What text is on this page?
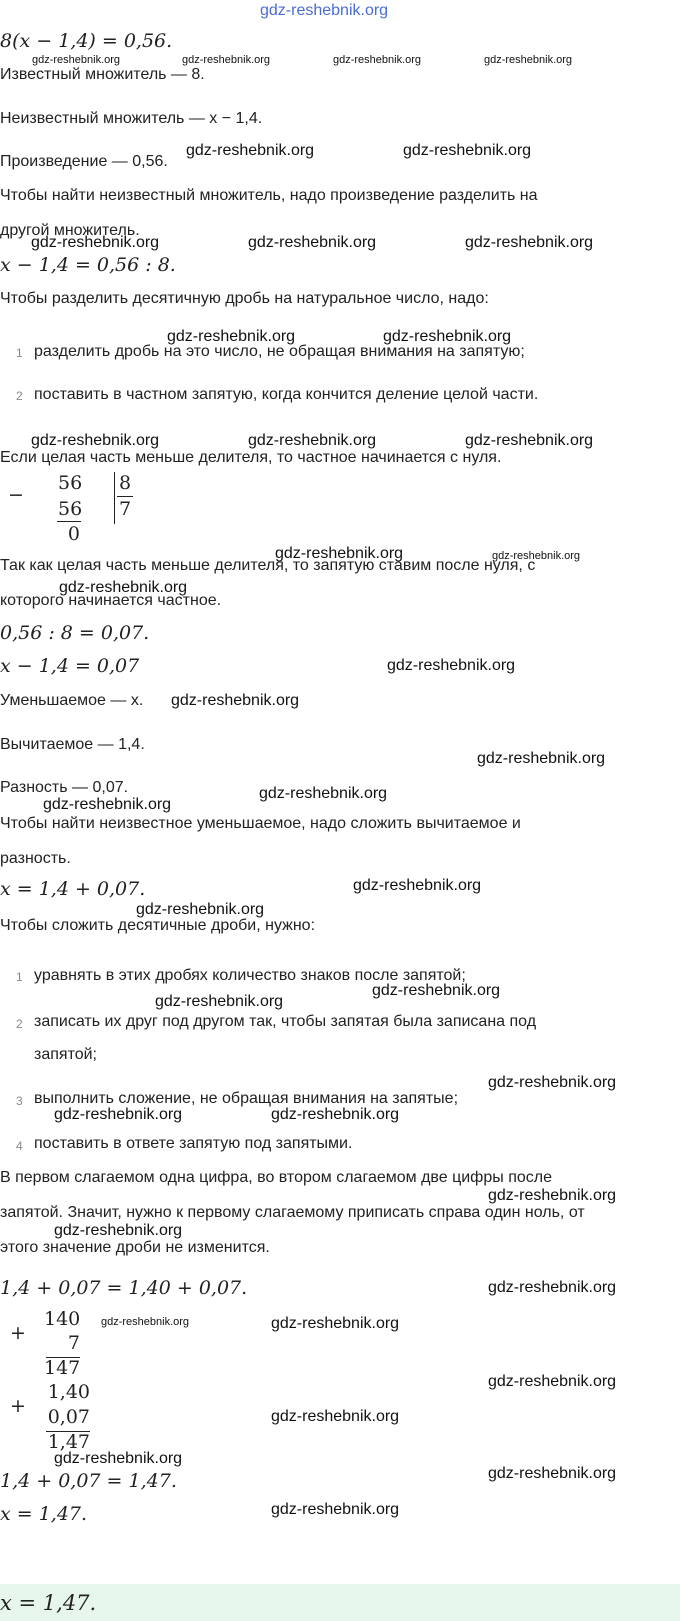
gdz-reshebnik.org
8(x − 1,4) = 0,56.
gdz-reshebnik.org	gdz-reshebnik.org	gdz-reshebnik.org	gdz-reshebnik.org
Известный множитель — 8.
Неизвестный множитель — x − 1,4.
Произведение — 0,56.
gdz-reshebnik.org	gdz-reshebnik.org
Чтобы найти неизвестный множитель, надо произведение разделить на
другой множитель.
gdz-reshebnik.org	gdz-reshebnik.org	gdz-reshebnik.org
x − 1,4 = 0,56 : 8.
Чтобы разделить десятичную дробь на натуральное число, надо:
gdz-reshebnik.org	gdz-reshebnik.org
1 разделить дробь на это число, не обращая внимания на запятую;
2 поставить в частном запятую, когда кончится деление целой части.
gdz-reshebnik.org	gdz-reshebnik.org	gdz-reshebnik.org
Если целая часть меньше делителя, то частное начинается с нуля.
−
56
56
0
8
7
gdz-reshebnik.org	gdz-reshebnik.org
Так как целая часть меньше делителя, то запятую ставим после нуля, с
gdz-reshebnik.org
которого начинается частное.
0,56 : 8 = 0,07.
x − 1,4 = 0,07	gdz-reshebnik.org
Уменьшаемое — x. gdz-reshebnik.org
Вычитаемое — 1,4.
gdz-reshebnik.org
Разность — 0,07.	gdz-reshebnik.org
gdz-reshebnik.org
Чтобы найти неизвестное уменьшаемое, надо сложить вычитаемое и
разность.
x = 1,4 + 0,07.	gdz-reshebnik.org
gdz-reshebnik.org
Чтобы сложить десятичные дроби, нужно:
1 уравнять в этих дробях количество знаков после запятой;
2 записать их друг под другом так, чтобы запятая была записана под
запятой;
3 выполнить сложение, не обращая внимания на запятые;
4 поставить в ответе запятую под запятыми.
gdz-reshebnik.org
gdz-reshebnik.org
gdz-reshebnik.org
gdz-reshebnik.org	gdz-reshebnik.org
В первом слагаемом одна цифра, во втором слагаемом две цифры после
gdz-reshebnik.org
запятой. Значит, нужно к первому слагаемому приписать справа один ноль, от
gdz-reshebnik.org
этого значение дроби не изменится.
1,4 + 0,07 = 1,40 + 0,07.	gdz-reshebnik.org
+
140
7
147
gdz-reshebnik.org	gdz-reshebnik.org
+
1,40
0,07
1,47
gdz-reshebnik.org
gdz-reshebnik.org
gdz-reshebnik.org
1,4 + 0,07 = 1,47.	gdz-reshebnik.org
x = 1,47.	gdz-reshebnik.org
x = 1,47.
